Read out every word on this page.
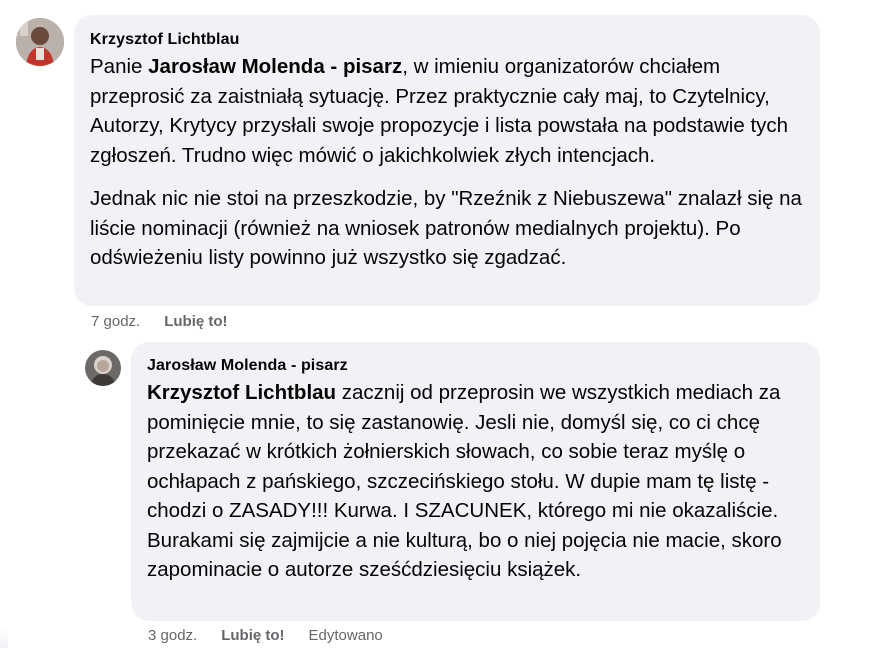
Krzysztof Lichtblau

Panie Jarosław Molenda - pisarz, w imieniu organizatorów chciałem przeprosić za zaistniałą sytuację. Przez praktycznie cały maj, to Czytelnicy, Autorzy, Krytycy przysłali swoje propozycje i lista powstała na podstawie tych zgłoszeń. Trudno więc mówić o jakichkolwiek złych intencjach.

Jednak nic nie stoi na przeszkodzie, by "Rzeźnik z Niebuszewa" znalazł się na liście nominacji (również na wniosek patronów medialnych projektu). Po odświeżeniu listy powinno już wszystko się zgadzać.

7 godz. Lubię to!
Jarosław Molenda - pisarz

Krzysztof Lichtblau zacznij od przeprosin we wszystkich mediach za pominięcie mnie, to się zastanowię. Jesli nie, domyśl się, co ci chcę przekazać w krótkich żołnierskich słowach, co sobie teraz myślę o ochłapach z pańskiego, szczecińskiego stołu. W dupie mam tę listę - chodzi o ZASADY!!! Kurwa. I SZACUNEK, którego mi nie okazaliście. Burakami się zajmijcie a nie kulturą, bo o niej pojęcia nie macie, skoro zapominacie o autorze sześćdziesięciu książek.

3 godz. Lubię to! Edytowano
